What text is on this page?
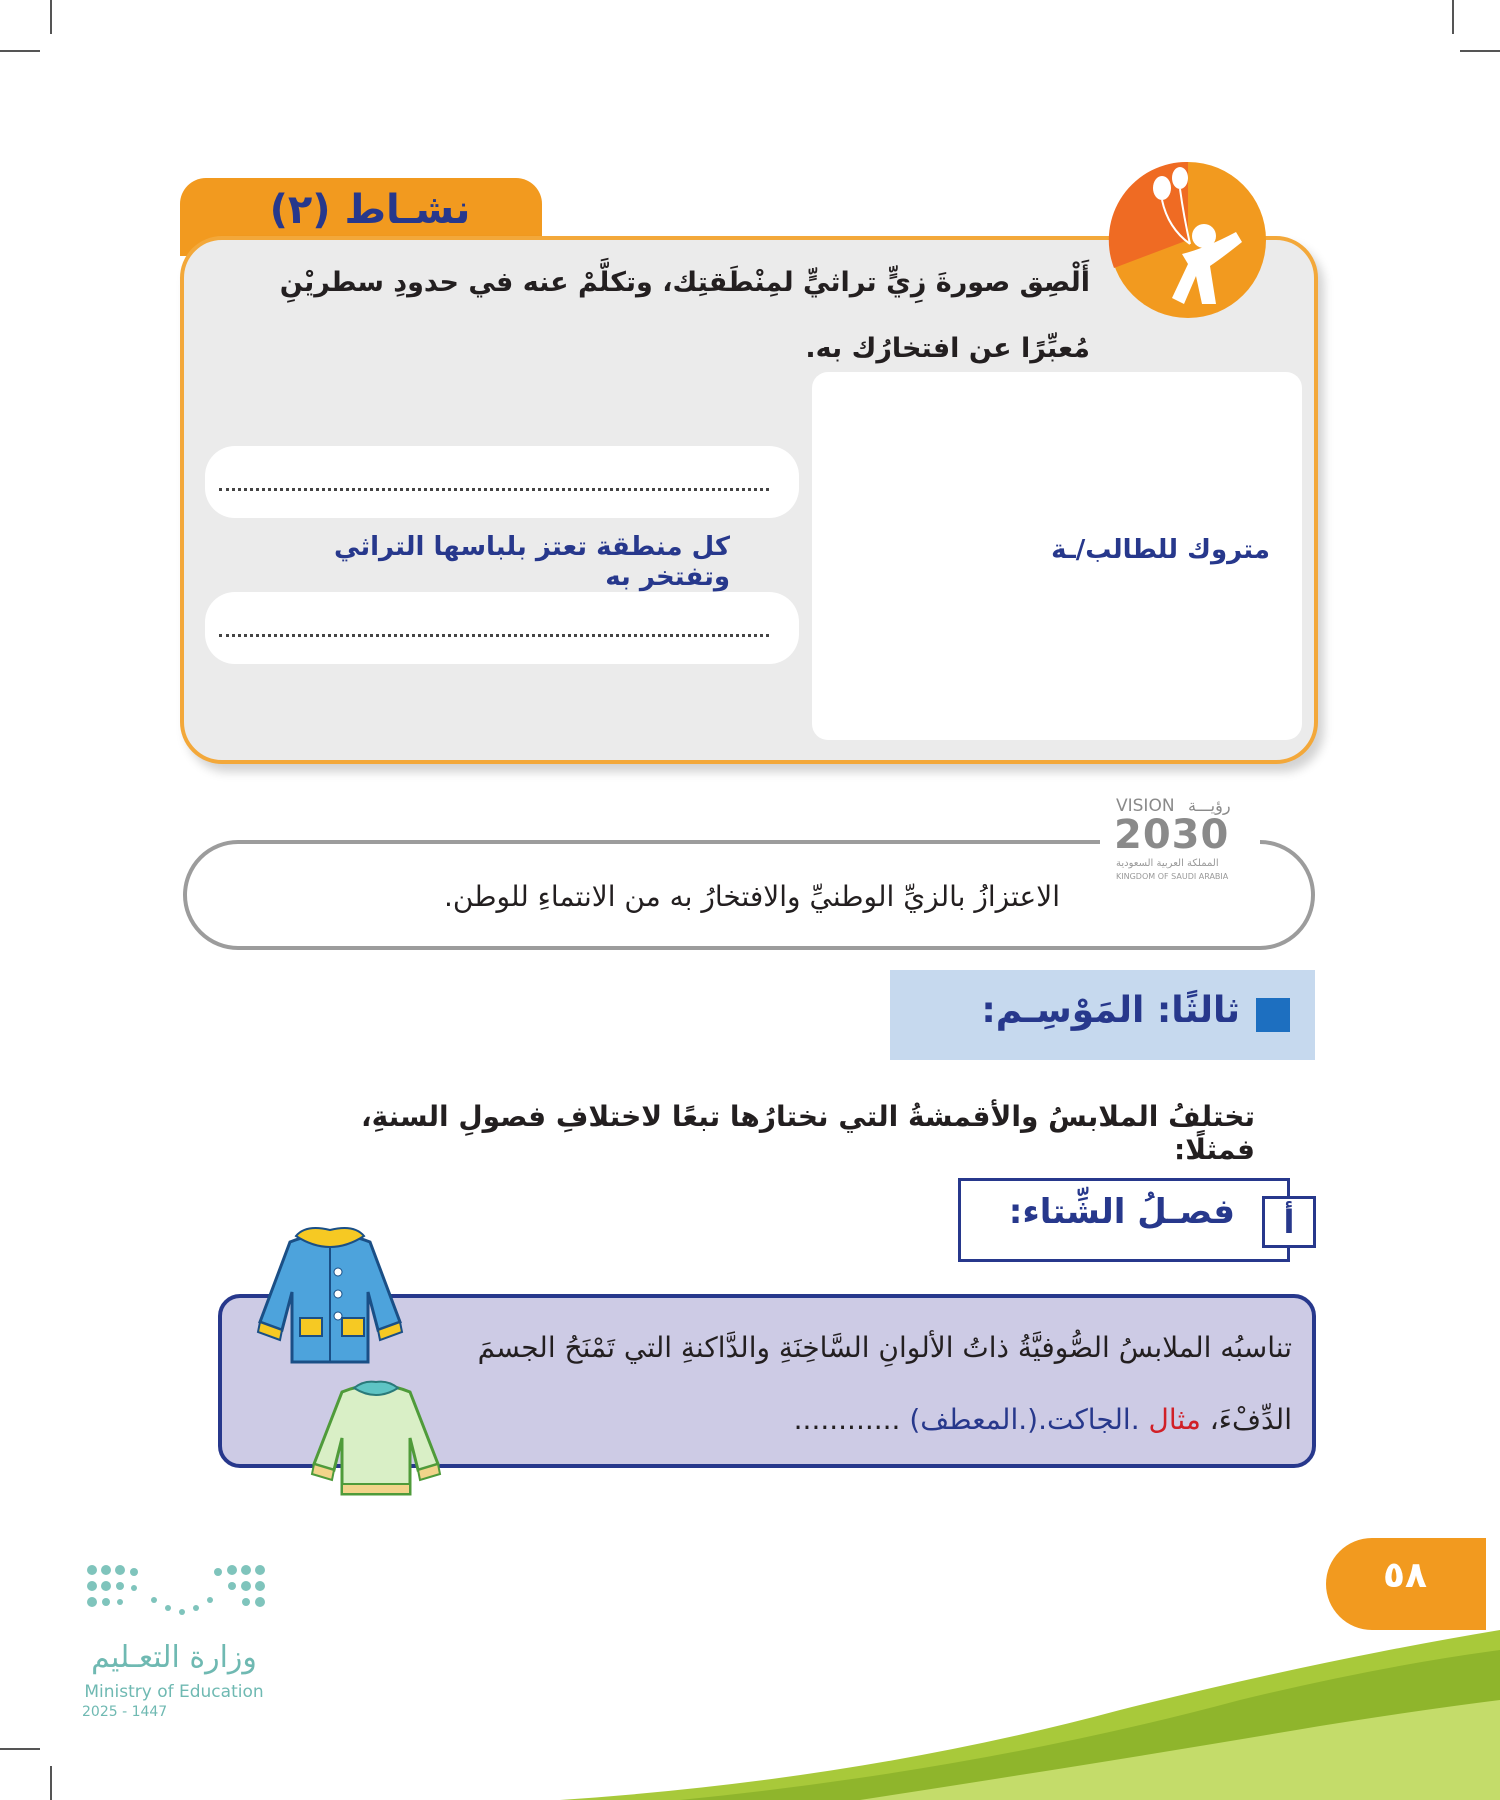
نشـاط (٢)
أَلْصِق صورةَ زِيٍّ تراثيٍّ لمِنْطَقتِك، وتكلَّمْ عنه في حدودِ سطريْنِ مُعبِّرًا عن افتخارُك به.
متروك للطالب/ـة
كل منطقة تعتز بلباسها التراثي وتفتخر به
VISION رؤيـــة
2030
المملكة العربية السعودية
KINGDOM OF SAUDI ARABIA
الاعتزازُ بالزيِّ الوطنيِّ والافتخارُ به من الانتماءِ للوطن.
ثالثًا: المَوْسِـم:
تختلفُ الملابسُ والأقمشةُ التي نختارُها تبعًا لاختلافِ فصولِ السنةِ، فمثلًا:
أ
فصـلُ الشِّتاء:
تناسبُه الملابسُ الصُّوفيَّةُ ذاتُ الألوانِ السَّاخِنَةِ والدَّاكنةِ التي تَمْنَحُ الجسمَ الدِّفْءَ، مثال .الجاكت.(.المعطف) ............
٥٨
وزارة التعـليم
Ministry of Education
2025 - 1447
